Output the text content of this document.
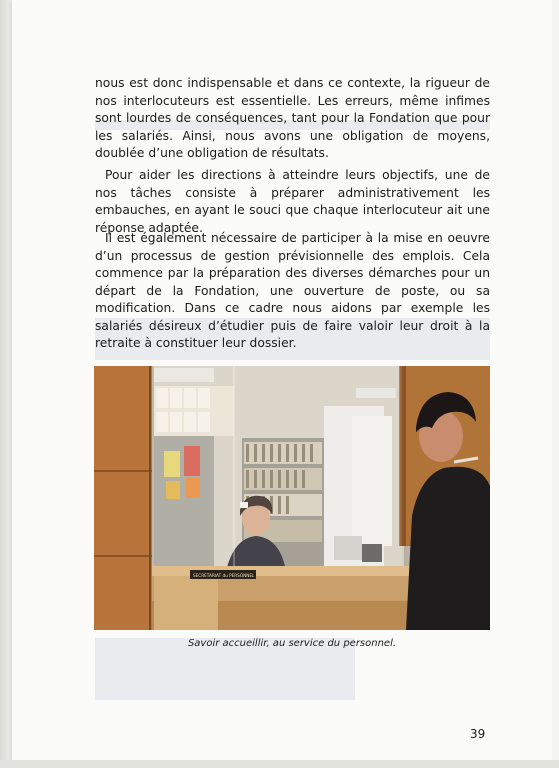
nous est donc indispensable et dans ce contexte, la rigueur de nos interlocuteurs est essentielle. Les erreurs, même infimes sont lourdes de conséquences, tant pour la Fondation que pour les salariés. Ainsi, nous avons une obligation de moyens, doublée d’une obligation de résultats.

Pour aider les directions à atteindre leurs objectifs, une de nos tâches consiste à préparer administrativement les embauches, en ayant le souci que chaque interlocuteur ait une réponse adaptée.

Il est également nécessaire de participer à la mise en oeuvre d’un processus de gestion prévisionnelle des emplois. Cela commence par la préparation des diverses démarches pour un départ de la Fondation, une ouverture de poste, ou sa modification. Dans ce cadre nous aidons par exemple les salariés désireux d’étudier puis de faire valoir leur droit à la retraite à constituer leur dossier.

SECRETARIAT du PERSONNEL
Savoir accueillir, au service du personnel.
39
